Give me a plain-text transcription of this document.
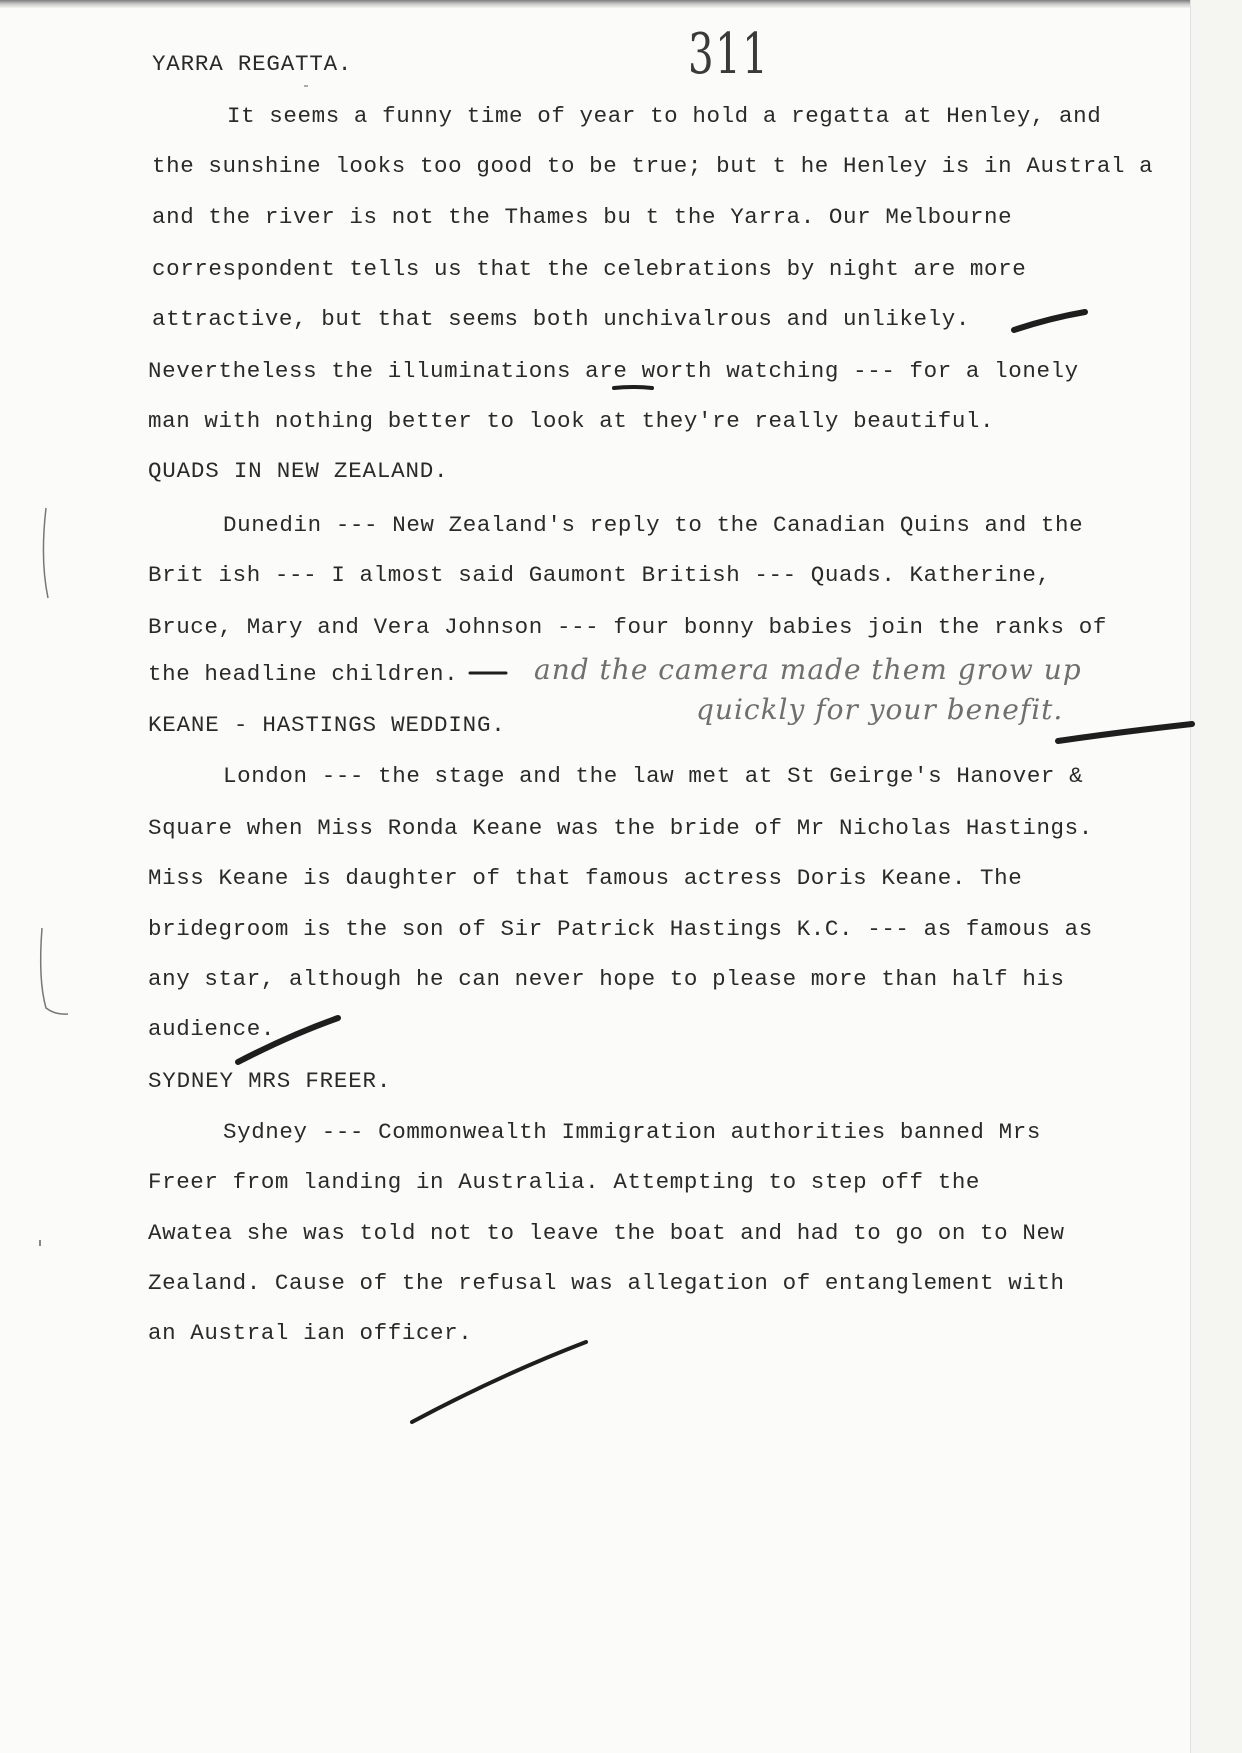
311
YARRA REGATTA.
It seems a funny time of year to hold a regatta at Henley, and
the sunshine looks too good to be true; but t he Henley is in Austral a
and the river is not the Thames bu t the Yarra. Our Melbourne
correspondent tells us that the celebrations by night are more
attractive, but that seems both unchivalrous and unlikely.
Nevertheless the illuminations are worth watching --- for a lonely
man with nothing better to look at they're really beautiful.
QUADS IN NEW ZEALAND.
Dunedin --- New Zealand's reply to the Canadian Quins and the
Brit ish --- I almost said Gaumont British --- Quads. Katherine,
Bruce, Mary and Vera Johnson --- four bonny babies join the ranks of
the headline children.	and the camera made them grow up
quickly for your benefit.
KEANE - HASTINGS WEDDING.
London --- the stage and the law met at St Geirge's Hanover &
Square when Miss Ronda Keane was the bride of Mr Nicholas Hastings.
Miss Keane is daughter of that famous actress Doris Keane. The
bridegroom is the son of Sir Patrick Hastings K.C. --- as famous as
any star, although he can never hope to please more than half his
audience.
SYDNEY MRS FREER.
Sydney --- Commonwealth Immigration authorities banned Mrs
Freer from landing in Australia. Attempting to step off the
Awatea she was told not to leave the boat and had to go on to New
Zealand. Cause of the refusal was allegation of entanglement with
an Austral ian officer.
